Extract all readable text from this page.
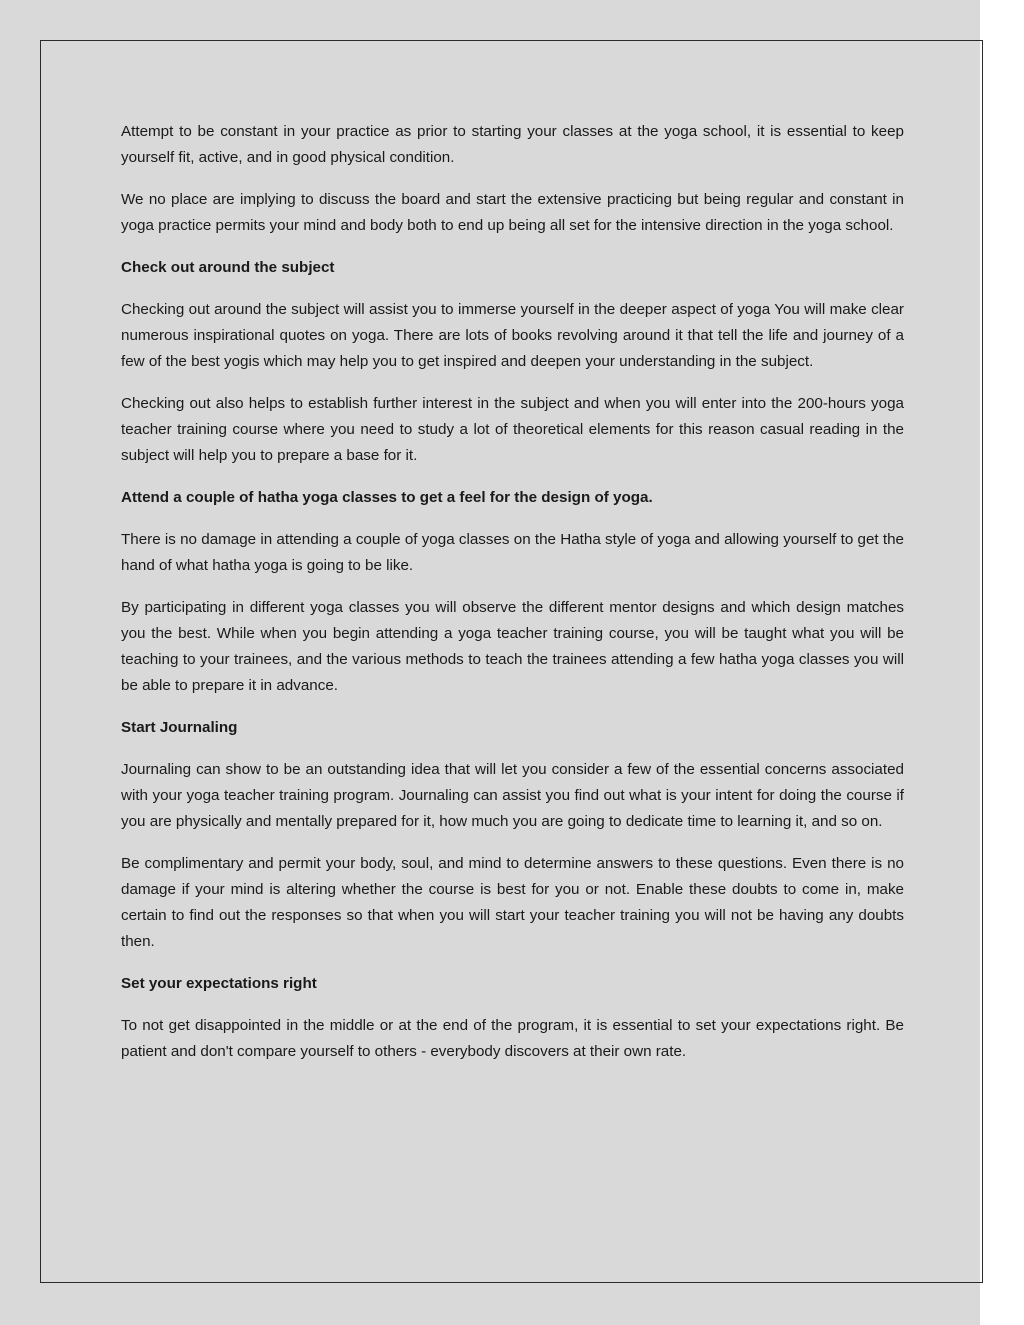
Attempt to be constant in your practice as prior to starting your classes at the yoga school, it is essential to keep yourself fit, active, and in good physical condition.

We no place are implying to discuss the board and start the extensive practicing but being regular and constant in yoga practice permits your mind and body both to end up being all set for the intensive direction in the yoga school.

Check out around the subject

Checking out around the subject will assist you to immerse yourself in the deeper aspect of yoga You will make clear numerous inspirational quotes on yoga. There are lots of books revolving around it that tell the life and journey of a few of the best yogis which may help you to get inspired and deepen your understanding in the subject.

Checking out also helps to establish further interest in the subject and when you will enter into the 200-hours yoga teacher training course where you need to study a lot of theoretical elements for this reason casual reading in the subject will help you to prepare a base for it.

Attend a couple of hatha yoga classes to get a feel for the design of yoga.

There is no damage in attending a couple of yoga classes on the Hatha style of yoga and allowing yourself to get the hand of what hatha yoga is going to be like.

By participating in different yoga classes you will observe the different mentor designs and which design matches you the best. While when you begin attending a yoga teacher training course, you will be taught what you will be teaching to your trainees, and the various methods to teach the trainees attending a few hatha yoga classes you will be able to prepare it in advance.

Start Journaling

Journaling can show to be an outstanding idea that will let you consider a few of the essential concerns associated with your yoga teacher training program. Journaling can assist you find out what is your intent for doing the course if you are physically and mentally prepared for it, how much you are going to dedicate time to learning it, and so on.

Be complimentary and permit your body, soul, and mind to determine answers to these questions. Even there is no damage if your mind is altering whether the course is best for you or not. Enable these doubts to come in, make certain to find out the responses so that when you will start your teacher training you will not be having any doubts then.

Set your expectations right

To not get disappointed in the middle or at the end of the program, it is essential to set your expectations right. Be patient and don't compare yourself to others - everybody discovers at their own rate.
